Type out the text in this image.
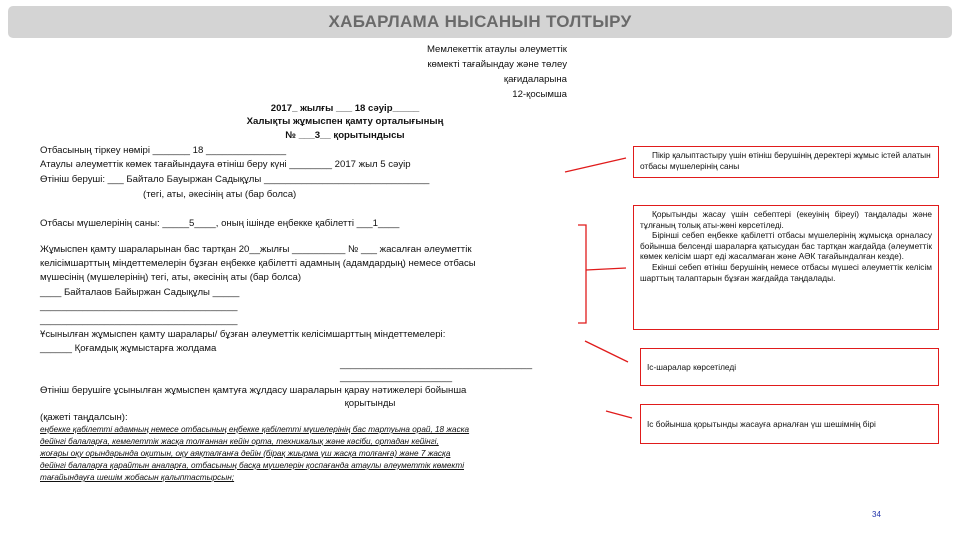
ХАБАРЛАМА НЫСАНЫН ТОЛТЫРУ
Мемлекеттік атаулы әлеуметтік
көмекті тағайындау және төлеу
қағидаларына
12-қосымша
2017_ жылғы ___ 18 сәуір_____
Халықты жұмыспен қамту орталығының
№ ___3__ қорытындысы
Отбасының тіркеу нөмірі _______ 18 _______________
Атаулы әлеуметтік көмек тағайындауға өтініш беру күні ________ 2017 жыл 5 сәуір
Өтініш беруші: ___ Байтало Бауыржан Садықұлы _______________________________
(тегі, аты, әкесінің аты (бар болса)
Отбасы мүшелерінің саны: _____5____, оның ішінде еңбекке қабілетті ___1____
Жұмыспен қамту шараларынан бас тартқан 20__жылғы __________ № ___ жасалған әлеуметтік
келісімшарттың міндеттемелерін бұзған еңбекке қабілетті адамның (адамдардың) немесе отбасы
мүшесінің (мүшелерінің) тегі, аты, әкесінің аты (бар болса)
____ Байталаов Байыржан Садықұлы _____
_____________________________________
_____________________________________
Ұсынылған жұмыспен қамту шаралары/ бұзған әлеуметтік келісімшарттың міндеттемелері:
______ Қоғамдық жұмыстарға жолдама
____________________________________
_____________________
Өтініш берушіге ұсынылған жұмыспен қамтуға жұлдасу шараларын қарау нәтижелері бойынша
қорытынды
(қажеті таңдалсын):
еңбекке қабілетті адамның немесе отбасының еңбекке қабілетті мүшелерінің бас тартуына орай, 18 жаска
дейінгі балаларға, кемелеттік жасқа толғаннан кейін орта, техникалық және кәсіби, ортадан кейінгі,
жоғары оқу орындарында оқитын, оқу аяқталғанға дейін (бірақ жиырма үш жасқа толғанға) жәнe 7 жасқа
дейінгі балаларға қарайтын аналарға, отбасының басқа мүшелерін қоспағанда атаулы әлеуметтік көмекті
тағайындауға шешім жобасын қалыптастырсын;
Пікір қалыптастыру үшін өтініш берушінің деректері жұмыс істей алатын отбасы мүшелерінің саны
Қорытынды жасау үшін себептері (екеуінің біреуі) таңдалады және тұлғаның толық аты-жөні көрсетіледі.
Бірінші себеп еңбекке қабілетті отбасы мүшелерінің жұмысқа орналасу бойынша белсенді шараларға қатысудан бас тартқан жағдайда (әлеуметтік көмек келісім шарт еді жасалмаған және АӘК тағайындалған кезде).
Екінші себеп өтініш берушінің немесе отбасы мүшесі әлеуметтік келісім шарттың талаптарын бұзған жағдайда таңдалады.
Іс-шаралар көрсетіледі
Іс бойынша қорытынды жасауға арналған үш шешімнің бірі
34
